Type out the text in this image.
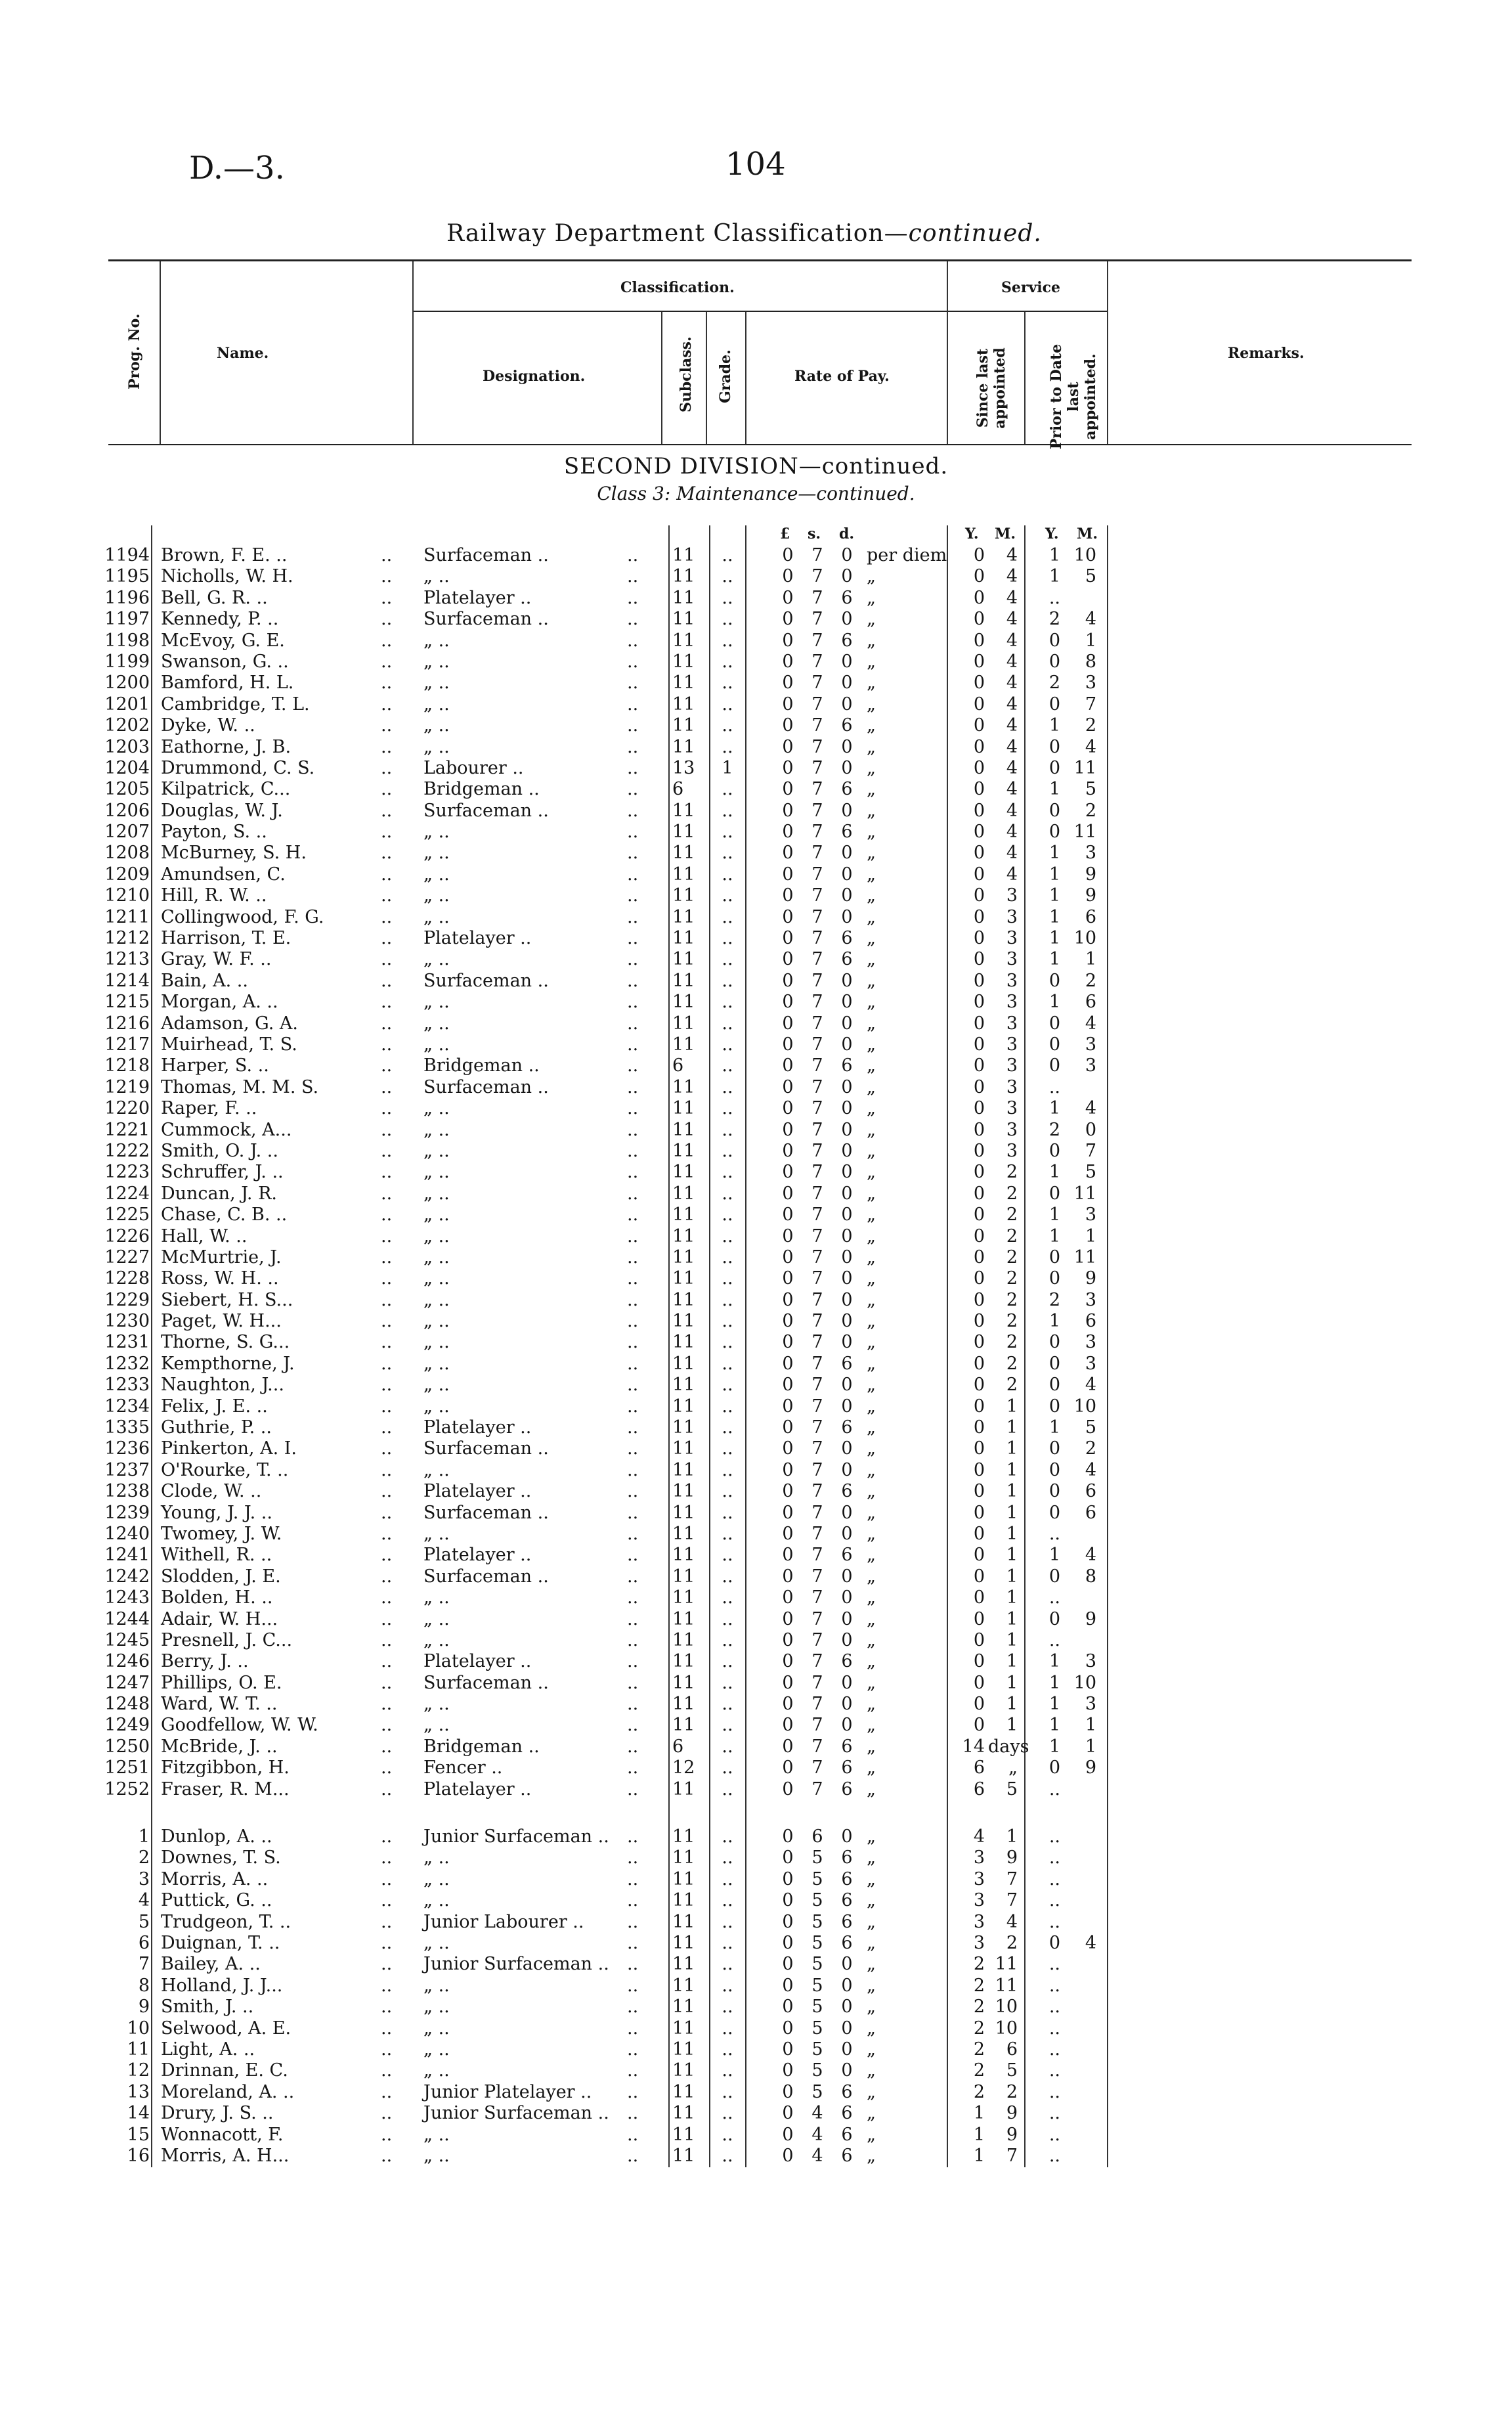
D.—3.	104
Railway Department Classification—continued.
Prog. No.	Name.
Classification.
Designation.	Subclass. Grade.	Rate of Pay.
Service
Since last appointed	Prior to Date last appointed.
Remarks.
SECOND DIVISION—continued.
Class 3: Maintenance—continued.
£ s. d.	Y. M. Y. M.
1194 Brown, F. E. ..	.. Surfaceman ..	.. 11	..	0	7	0 per diem	0	4	1 10
1195 Nicholls, W. H.	.. „ ..	.. 11	..	0	7	0 „	0	4	1	5
1196 Bell, G. R. ..	.. Platelayer ..	.. 11	..	0	7	6 „	0	4	..
1197 Kennedy, P. ..	.. Surfaceman ..	.. 11	..	0	7	0 „	0	4	2	4
1198 McEvoy, G. E.	.. „ ..	.. 11	..	0	7	6 „	0	4	0	1
1199 Swanson, G. ..	.. „ ..	.. 11	..	0	7	0 „	0	4	0	8
1200 Bamford, H. L.	.. „ ..	.. 11	..	0	7	0 „	0	4	2	3
1201 Cambridge, T. L.	.. „ ..	.. 11	..	0	7	0 „	0	4	0	7
1202 Dyke, W. ..	.. „ ..	.. 11	..	0	7	6 „	0	4	1	2
1203 Eathorne, J. B.	.. „ ..	.. 11	..	0	7	0 „	0	4	0	4
1204 Drummond, C. S.	.. Labourer ..	.. 13	1	0	7	0 „	0	4	0 11
1205 Kilpatrick, C...	.. Bridgeman ..	.. 6	..	0	7	6 „	0	4	1	5
1206 Douglas, W. J.	.. Surfaceman ..	.. 11	..	0	7	0 „	0	4	0	2
1207 Payton, S. ..	.. „ ..	.. 11	..	0	7	6 „	0	4	0 11
1208 McBurney, S. H.	.. „ ..	.. 11	..	0	7	0 „	0	4	1	3
1209 Amundsen, C.	.. „ ..	.. 11	..	0	7	0 „	0	4	1	9
1210 Hill, R. W. ..	.. „ ..	.. 11	..	0	7	0 „	0	3	1	9
1211 Collingwood, F. G.	.. „ ..	.. 11	..	0	7	0 „	0	3	1	6
1212 Harrison, T. E.	.. Platelayer ..	.. 11	..	0	7	6 „	0	3	1 10
1213 Gray, W. F. ..	.. „ ..	.. 11	..	0	7	6 „	0	3	1	1
1214 Bain, A. ..	.. Surfaceman ..	.. 11	..	0	7	0 „	0	3	0	2
1215 Morgan, A. ..	.. „ ..	.. 11	..	0	7	0 „	0	3	1	6
1216 Adamson, G. A.	.. „ ..	.. 11	..	0	7	0 „	0	3	0	4
1217 Muirhead, T. S.	.. „ ..	.. 11	..	0	7	0 „	0	3	0	3
1218 Harper, S. ..	.. Bridgeman ..	.. 6	..	0	7	6 „	0	3	0	3
1219 Thomas, M. M. S.	.. Surfaceman ..	.. 11	..	0	7	0 „	0	3	..
1220 Raper, F. ..	.. „ ..	.. 11	..	0	7	0 „	0	3	1	4
1221 Cummock, A...	.. „ ..	.. 11	..	0	7	0 „	0	3	2	0
1222 Smith, O. J. ..	.. „ ..	.. 11	..	0	7	0 „	0	3	0	7
1223 Schruffer, J. ..	.. „ ..	.. 11	..	0	7	0 „	0	2	1	5
1224 Duncan, J. R.	.. „ ..	.. 11	..	0	7	0 „	0	2	0 11
1225 Chase, C. B. ..	.. „ ..	.. 11	..	0	7	0 „	0	2	1	3
1226 Hall, W. ..	.. „ ..	.. 11	..	0	7	0 „	0	2	1	1
1227 McMurtrie, J.	.. „ ..	.. 11	..	0	7	0 „	0	2	0 11
1228 Ross, W. H. ..	.. „ ..	.. 11	..	0	7	0 „	0	2	0	9
1229 Siebert, H. S...	.. „ ..	.. 11	..	0	7	0 „	0	2	2	3
1230 Paget, W. H...	.. „ ..	.. 11	..	0	7	0 „	0	2	1	6
1231 Thorne, S. G...	.. „ ..	.. 11	..	0	7	0 „	0	2	0	3
1232 Kempthorne, J.	.. „ ..	.. 11	..	0	7	6 „	0	2	0	3
1233 Naughton, J...	.. „ ..	.. 11	..	0	7	0 „	0	2	0	4
1234 Felix, J. E. ..	.. „ ..	.. 11	..	0	7	0 „	0	1	0 10
1335 Guthrie, P. ..	.. Platelayer ..	.. 11	..	0	7	6 „	0	1	1	5
1236 Pinkerton, A. I.	.. Surfaceman ..	.. 11	..	0	7	0 „	0	1	0	2
1237 O'Rourke, T. ..	.. „ ..	.. 11	..	0	7	0 „	0	1	0	4
1238 Clode, W. ..	.. Platelayer ..	.. 11	..	0	7	6 „	0	1	0	6
1239 Young, J. J. ..	.. Surfaceman ..	.. 11	..	0	7	0 „	0	1	0	6
1240 Twomey, J. W.	.. „ ..	.. 11	..	0	7	0 „	0	1	..
1241 Withell, R. ..	.. Platelayer ..	.. 11	..	0	7	6 „	0	1	1	4
1242 Slodden, J. E.	.. Surfaceman ..	.. 11	..	0	7	0 „	0	1	0	8
1243 Bolden, H. ..	.. „ ..	.. 11	..	0	7	0 „	0	1	..
1244 Adair, W. H...	.. „ ..	.. 11	..	0	7	0 „	0	1	0	9
1245 Presnell, J. C...	.. „ ..	.. 11	..	0	7	0 „	0	1	..
1246 Berry, J. ..	.. Platelayer ..	.. 11	..	0	7	6 „	0	1	1	3
1247 Phillips, O. E.	.. Surfaceman ..	.. 11	..	0	7	0 „	0	1	1 10
1248 Ward, W. T. ..	.. „ ..	.. 11	..	0	7	0 „	0	1	1	3
1249 Goodfellow, W. W.	.. „ ..	.. 11	..	0	7	0 „	0	1	1	1
1250 McBride, J. ..	.. Bridgeman ..	.. 6	..	0	7	6 „	14 days	1	1
1251 Fitzgibbon, H.	.. Fencer ..	.. 12	..	0	7	6 „	6	„	0	9
1252 Fraser, R. M...	.. Platelayer ..	.. 11	..	0	7	6 „	6	5	..
1 Dunlop, A. ..	.. Junior Surfaceman .. .. 11	..	0	6	0 „	4	1	..
2 Downes, T. S.	.. „ ..	.. 11	..	0	5	6 „	3	9	..
3 Morris, A. ..	.. „ ..	.. 11	..	0	5	6 „	3	7	..
4 Puttick, G. ..	.. „ ..	.. 11	..	0	5	6 „	3	7	..
5 Trudgeon, T. ..	.. Junior Labourer .. .. 11	..	0	5	6 „	3	4	..
6 Duignan, T. ..	.. „ ..	.. 11	..	0	5	6 „	3	2	0	4
7 Bailey, A. ..	.. Junior Surfaceman .. .. 11	..	0	5	0 „	2 11	..
8 Holland, J. J...	.. „ ..	.. 11	..	0	5	0 „	2 11	..
9 Smith, J. ..	.. „ ..	.. 11	..	0	5	0 „	2 10	..
10 Selwood, A. E.	.. „ ..	.. 11	..	0	5	0 „	2 10	..
11 Light, A. ..	.. „ ..	.. 11	..	0	5	0 „	2	6	..
12 Drinnan, E. C.	.. „ ..	.. 11	..	0	5	0 „	2	5	..
13 Moreland, A. ..	.. Junior Platelayer .. .. 11	..	0	5	6 „	2	2	..
14 Drury, J. S. ..	.. Junior Surfaceman .. .. 11	..	0	4	6 „	1	9	..
15 Wonnacott, F.	.. „ ..	.. 11	..	0	4	6 „	1	9	..
16 Morris, A. H...	.. „ ..	.. 11	..	0	4	6 „	1	7	..
